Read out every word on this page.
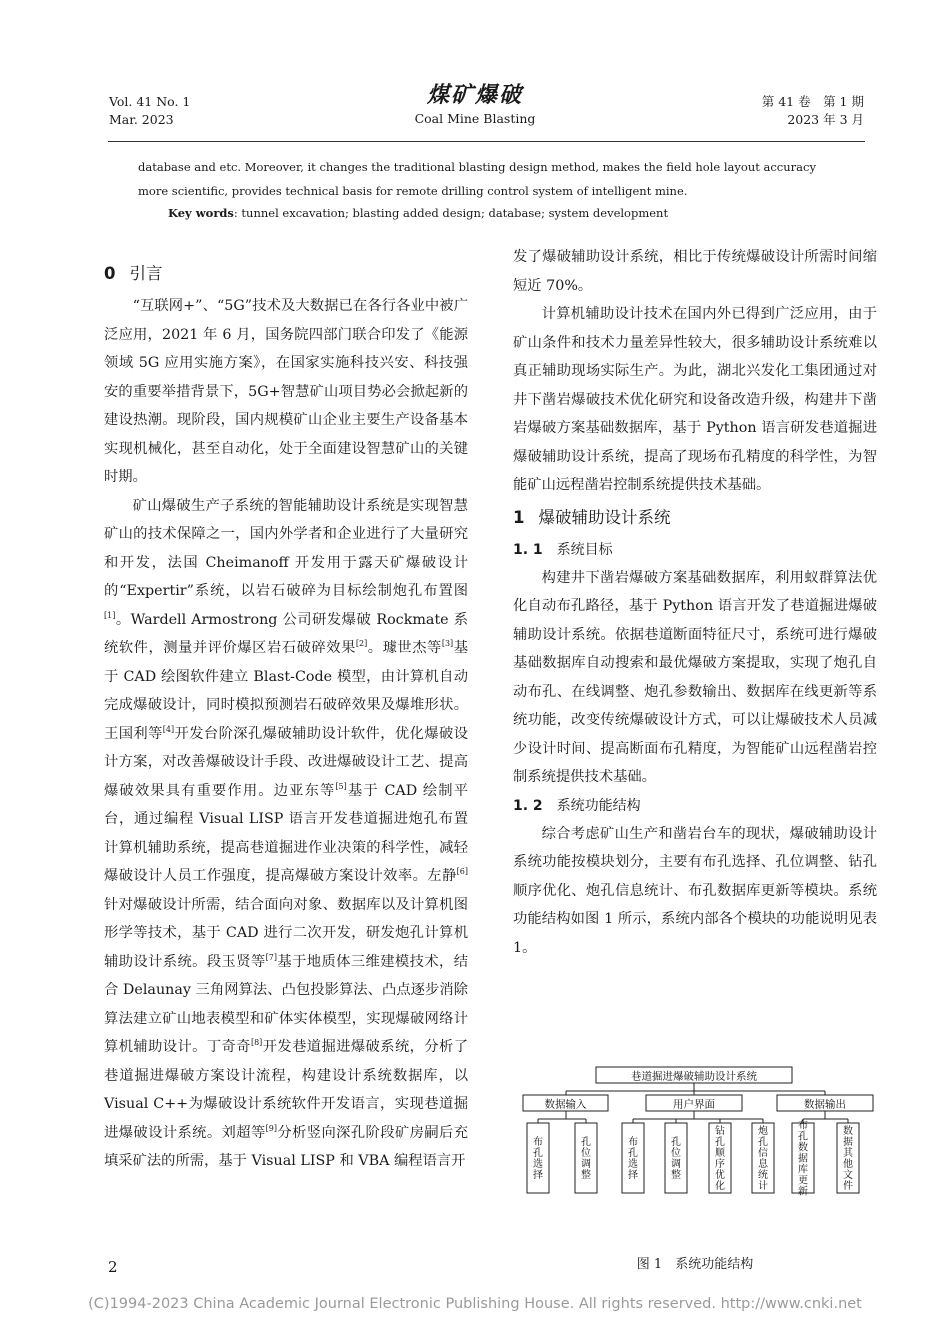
Vol. 41 No. 1
Mar. 2023
煤矿爆破
Coal Mine Blasting
第 41 卷　第 1 期
2023 年 3 月
database and etc. Moreover, it changes the traditional blasting design method, makes the field hole layout accuracy more scientific, provides technical basis for remote drilling control system of intelligent mine.
Key words: tunnel excavation; blasting added design; database; system development
0 引言

“互联网+”、“5G”技术及大数据已在各行各业中被广泛应用，2021 年 6 月，国务院四部门联合印发了《能源领域 5G 应用实施方案》，在国家实施科技兴安、科技强安的重要举措背景下，5G+智慧矿山项目势必会掀起新的建设热潮。现阶段，国内规模矿山企业主要生产设备基本实现机械化，甚至自动化，处于全面建设智慧矿山的关键时期。

矿山爆破生产子系统的智能辅助设计系统是实现智慧矿山的技术保障之一，国内外学者和企业进行了大量研究和开发，法国 Cheimanoff 开发用于露天矿爆破设计的“Expertir”系统，以岩石破碎为目标绘制炮孔布置图[1]。Wardell Armostrong 公司研发爆破 Rockmate 系统软件，测量并评价爆区岩石破碎效果[2]。璩世杰等[3]基于 CAD 绘图软件建立 Blast-Code 模型，由计算机自动完成爆破设计，同时模拟预测岩石破碎效果及爆堆形状。王国利等[4]开发台阶深孔爆破辅助设计软件，优化爆破设计方案，对改善爆破设计手段、改进爆破设计工艺、提高爆破效果具有重要作用。边亚东等[5]基于 CAD 绘制平台，通过编程 Visual LISP 语言开发巷道掘进炮孔布置计算机辅助系统，提高巷道掘进作业决策的科学性，减轻爆破设计人员工作强度，提高爆破方案设计效率。左静[6]针对爆破设计所需，结合面向对象、数据库以及计算机图形学等技术，基于 CAD 进行二次开发，研发炮孔计算机辅助设计系统。段玉贤等[7]基于地质体三维建模技术，结合 Delaunay 三角网算法、凸包投影算法、凸点逐步消除算法建立矿山地表模型和矿体实体模型，实现爆破网络计算机辅助设计。丁奇奇[8]开发巷道掘进爆破系统，分析了巷道掘进爆破方案设计流程，构建设计系统数据库，以 Visual C++为爆破设计系统软件开发语言，实现巷道掘进爆破设计系统。刘超等[9]分析竖向深孔阶段矿房嗣后充填采矿法的所需，基于 Visual LISP 和 VBA 编程语言开

发了爆破辅助设计系统，相比于传统爆破设计所需时间缩短近 70%。

计算机辅助设计技术在国内外已得到广泛应用，由于矿山条件和技术力量差异性较大，很多辅助设计系统难以真正辅助现场实际生产。为此，湖北兴发化工集团通过对井下凿岩爆破技术优化研究和设备改造升级，构建井下凿岩爆破方案基础数据库，基于 Python 语言研发巷道掘进爆破辅助设计系统，提高了现场布孔精度的科学性，为智能矿山远程凿岩控制系统提供技术基础。

1 爆破辅助设计系统
1. 1 系统目标

构建井下凿岩爆破方案基础数据库，利用蚁群算法优化自动布孔路径，基于 Python 语言开发了巷道掘进爆破辅助设计系统。依据巷道断面特征尺寸，系统可进行爆破基础数据库自动搜索和最优爆破方案提取，实现了炮孔自动布孔、在线调整、炮孔参数输出、数据库在线更新等系统功能，改变传统爆破设计方式，可以让爆破技术人员减少设计时间、提高断面布孔精度，为智能矿山远程凿岩控制系统提供技术基础。

1. 2 系统功能结构

综合考虑矿山生产和凿岩台车的现状，爆破辅助设计系统功能按模块划分，主要有布孔选择、孔位调整、钻孔顺序优化、炮孔信息统计、布孔数据库更新等模块。系统功能结构如图 1 所示，系统内部各个模块的功能说明见表 1。

巷道掘进爆破辅助设计系统
数据输入	用户界面	数据输出
布孔选择
孔位调整
布孔选择
孔位调整
钻孔顺序优化
炮孔信息统计
布孔数据库更新
数据其他文件
图 1　系统功能结构
2
(C)1994-2023 China Academic Journal Electronic Publishing House. All rights reserved. http://www.cnki.net
